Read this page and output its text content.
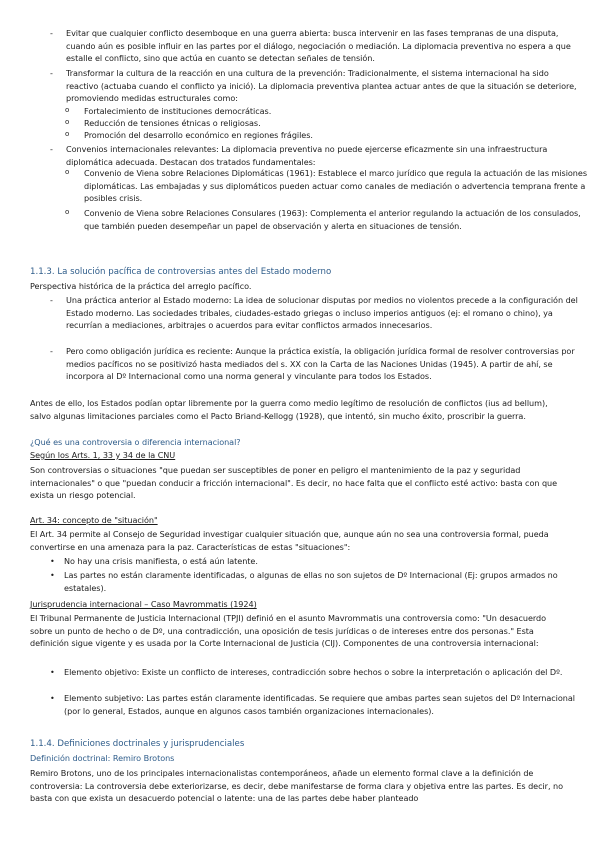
- Evitar que cualquier conflicto desemboque en una guerra abierta: busca intervenir en las fases tempranas de una disputa, cuando aún es posible influir en las partes por el diálogo, negociación o mediación. La diplomacia preventiva no espera a que estalle el conflicto, sino que actúa en cuanto se detectan señales de tensión.
- Transformar la cultura de la reacción en una cultura de la prevención: Tradicionalmente, el sistema internacional ha sido reactivo (actuaba cuando el conflicto ya inició). La diplomacia preventiva plantea actuar antes de que la situación se deteriore, promoviendo medidas estructurales como:
o Fortalecimiento de instituciones democráticas.
o Reducción de tensiones étnicas o religiosas.
o Promoción del desarrollo económico en regiones frágiles.
- Convenios internacionales relevantes: La diplomacia preventiva no puede ejercerse eficazmente sin una infraestructura diplomática adecuada. Destacan dos tratados fundamentales:
o Convenio de Viena sobre Relaciones Diplomáticas (1961): Establece el marco jurídico que regula la actuación de las misiones diplomáticas. Las embajadas y sus diplomáticos pueden actuar como canales de mediación o advertencia temprana frente a posibles crisis.
o Convenio de Viena sobre Relaciones Consulares (1963): Complementa el anterior regulando la actuación de los consulados, que también pueden desempeñar un papel de observación y alerta en situaciones de tensión.
1.1.3. La solución pacífica de controversias antes del Estado moderno
Perspectiva histórica de la práctica del arreglo pacífico.
- Una práctica anterior al Estado moderno: La idea de solucionar disputas por medios no violentos precede a la configuración del Estado moderno. Las sociedades tribales, ciudades-estado griegas o incluso imperios antiguos (ej: el romano o chino), ya recurrían a mediaciones, arbitrajes o acuerdos para evitar conflictos armados innecesarios.
- Pero como obligación jurídica es reciente: Aunque la práctica existía, la obligación jurídica formal de resolver controversias por medios pacíficos no se positivizó hasta mediados del s. XX con la Carta de las Naciones Unidas (1945). A partir de ahí, se incorpora al Dº Internacional como una norma general y vinculante para todos los Estados.
Antes de ello, los Estados podían optar libremente por la guerra como medio legítimo de resolución de conflictos (ius ad bellum), salvo algunas limitaciones parciales como el Pacto Briand-Kellogg (1928), que intentó, sin mucho éxito, proscribir la guerra.
¿Qué es una controversia o diferencia internacional?
Según los Arts. 1, 33 y 34 de la CNU
Son controversias o situaciones "que puedan ser susceptibles de poner en peligro el mantenimiento de la paz y seguridad internacionales" o que "puedan conducir a fricción internacional". Es decir, no hace falta que el conflicto esté activo: basta con que exista un riesgo potencial.
Art. 34: concepto de "situación"
El Art. 34 permite al Consejo de Seguridad investigar cualquier situación que, aunque aún no sea una controversia formal, pueda convertirse en una amenaza para la paz. Características de estas "situaciones":
• No hay una crisis manifiesta, o está aún latente.
• Las partes no están claramente identificadas, o algunas de ellas no son sujetos de Dº Internacional (Ej: grupos armados no estatales).
Jurisprudencia internacional – Caso Mavrommatis (1924)
El Tribunal Permanente de Justicia Internacional (TPJI) definió en el asunto Mavrommatis una controversia como: "Un desacuerdo sobre un punto de hecho o de Dº, una contradicción, una oposición de tesis jurídicas o de intereses entre dos personas." Esta definición sigue vigente y es usada por la Corte Internacional de Justicia (CIJ). Componentes de una controversia internacional:
• Elemento objetivo: Existe un conflicto de intereses, contradicción sobre hechos o sobre la interpretación o aplicación del Dº.
• Elemento subjetivo: Las partes están claramente identificadas. Se requiere que ambas partes sean sujetos del Dº Internacional (por lo general, Estados, aunque en algunos casos también organizaciones internacionales).
1.1.4. Definiciones doctrinales y jurisprudenciales
Definición doctrinal: Remiro Brotons
Remiro Brotons, uno de los principales internacionalistas contemporáneos, añade un elemento formal clave a la definición de controversia: La controversia debe exteriorizarse, es decir, debe manifestarse de forma clara y objetiva entre las partes. Es decir, no basta con que exista un desacuerdo potencial o latente: una de las partes debe haber planteado
